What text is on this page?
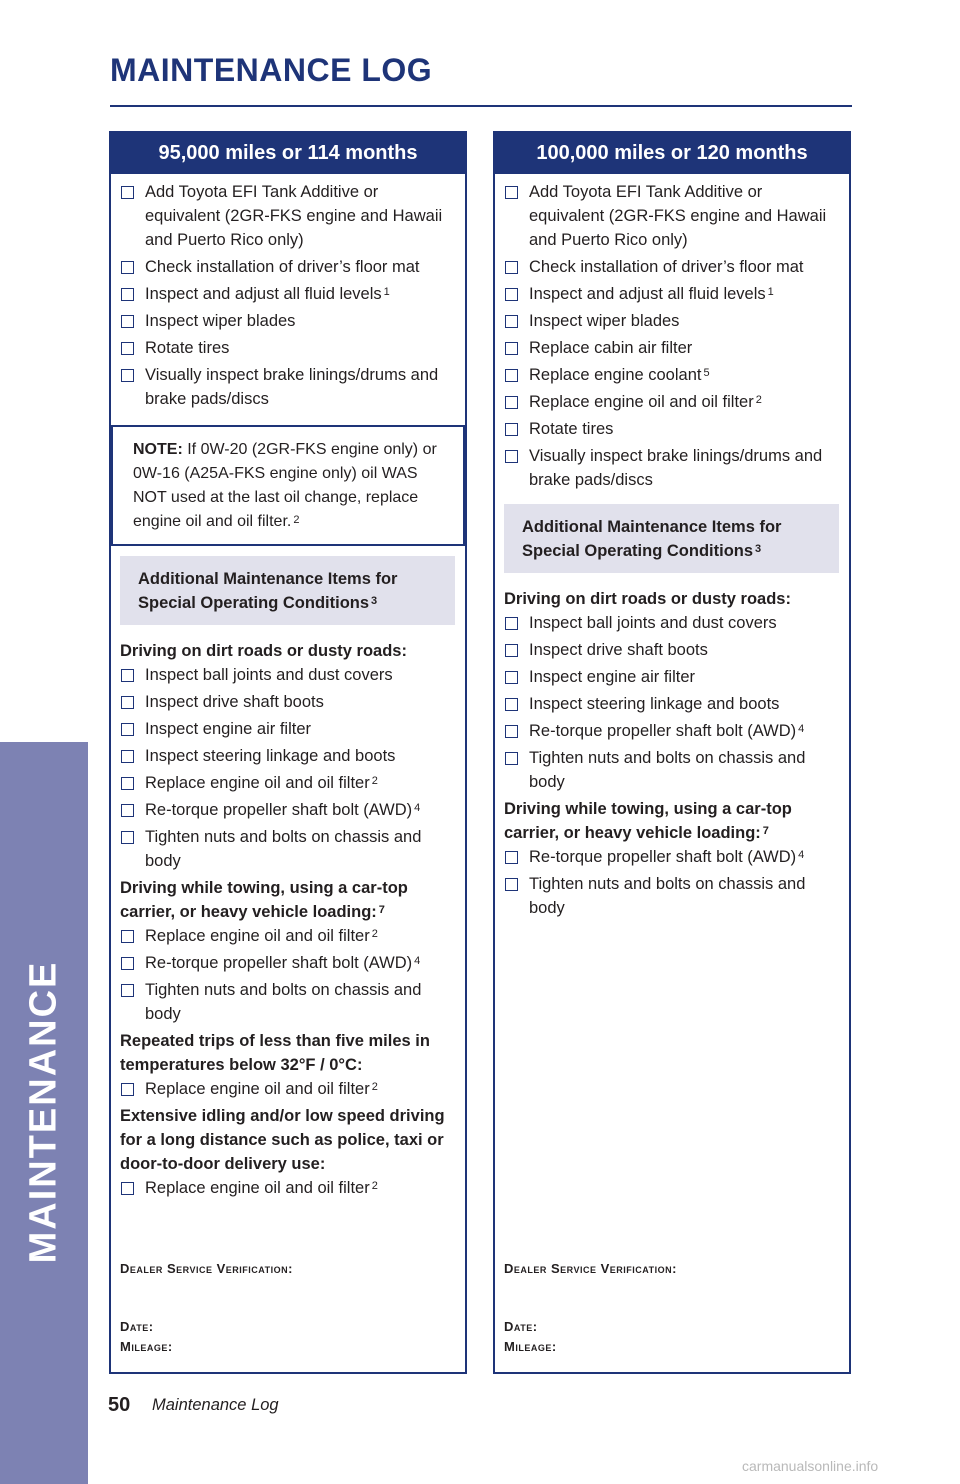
MAINTENANCE LOG
MAINTENANCE
95,000 miles or 114 months
Add Toyota EFI Tank Additive or equivalent (2GR-FKS engine and Hawaii and Puerto Rico only)
Check installation of driver’s floor mat
Inspect and adjust all fluid levels $^1$
Inspect wiper blades
Rotate tires
Visually inspect brake linings/drums and brake pads/discs
NOTE: If 0W-20 (2GR-FKS engine only) or 0W-16 (A25A-FKS engine only) oil WAS NOT used at the last oil change, replace engine oil and oil filter. $^2$
Additional Maintenance Items for Special Operating Conditions $^3$
Driving on dirt roads or dusty roads:
Inspect ball joints and dust covers
Inspect drive shaft boots
Inspect engine air filter
Inspect steering linkage and boots
Replace engine oil and oil filter $^2$
Re-torque propeller shaft bolt (AWD) $^4$
Tighten nuts and bolts on chassis and body
Driving while towing, using a car-top carrier, or heavy vehicle loading: $^7$
Replace engine oil and oil filter $^2$
Re-torque propeller shaft bolt (AWD) $^4$
Tighten nuts and bolts on chassis and body
Repeated trips of less than five miles in temperatures below 32°F / 0°C:
Replace engine oil and oil filter $^2$
Extensive idling and/or low speed driving for a long distance such as police, taxi or door-to-door delivery use:
Replace engine oil and oil filter $^2$
Dealer Service Verification:
Date:
Mileage:
100,000 miles or 120 months
Add Toyota EFI Tank Additive or equivalent (2GR-FKS engine and Hawaii and Puerto Rico only)
Check installation of driver’s floor mat
Inspect and adjust all fluid levels $^1$
Inspect wiper blades
Replace cabin air filter
Replace engine coolant $^5$
Replace engine oil and oil filter $^2$
Rotate tires
Visually inspect brake linings/drums and brake pads/discs
Additional Maintenance Items for Special Operating Conditions $^3$
Driving on dirt roads or dusty roads:
Inspect ball joints and dust covers
Inspect drive shaft boots
Inspect engine air filter
Inspect steering linkage and boots
Re-torque propeller shaft bolt (AWD) $^4$
Tighten nuts and bolts on chassis and body
Driving while towing, using a car-top carrier, or heavy vehicle loading: $^7$
Re-torque propeller shaft bolt (AWD) $^4$
Tighten nuts and bolts on chassis and body
Dealer Service Verification:
Date:
Mileage:
50 Maintenance Log
carmanualsonline.info
